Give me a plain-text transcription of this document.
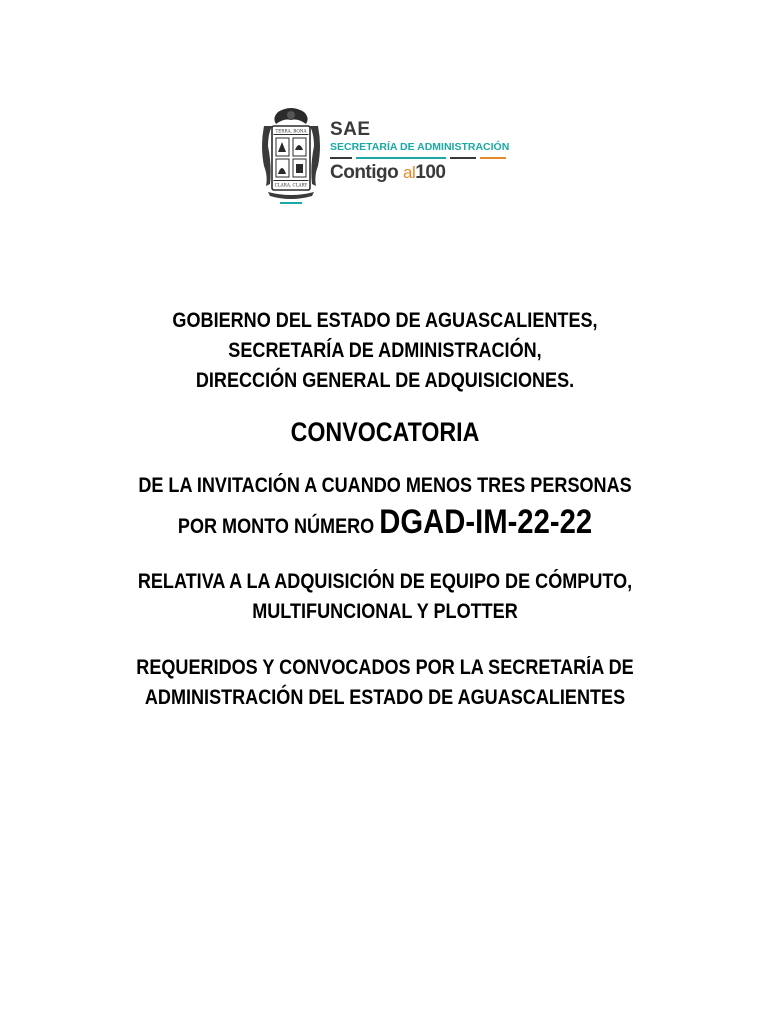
TERRA, BONA
CLARA, CLARY
SAE
SECRETARÍA DE ADMINISTRACIÓN
Contigo al100
GOBIERNO DEL ESTADO DE AGUASCALIENTES,
SECRETARÍA DE ADMINISTRACIÓN,
DIRECCIÓN GENERAL DE ADQUISICIONES.
CONVOCATORIA
DE LA INVITACIÓN A CUANDO MENOS TRES PERSONAS
POR MONTO NÚMERO DGAD-IM-22-22
RELATIVA A LA ADQUISICIÓN DE EQUIPO DE CÓMPUTO,
MULTIFUNCIONAL Y PLOTTER
REQUERIDOS Y CONVOCADOS POR LA SECRETARÍA DE
ADMINISTRACIÓN DEL ESTADO DE AGUASCALIENTES
